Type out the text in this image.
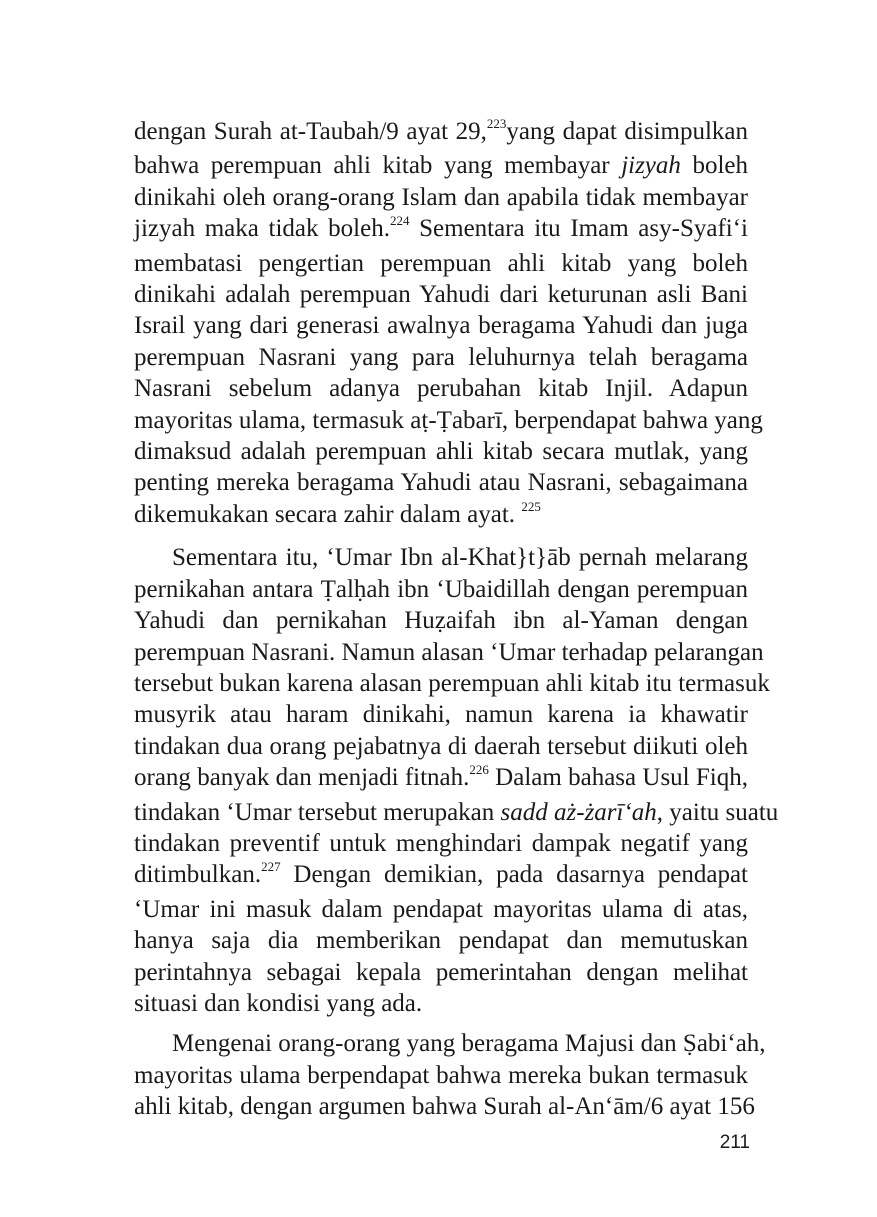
dengan Surah at-Taubah/9 ayat 29,$^{223}$yang dapat disimpulkan
bahwa perempuan ahli kitab yang membayar jizyah boleh
dinikahi oleh orang-orang Islam dan apabila tidak membayar
jizyah maka tidak boleh.$^{224}$ Sementara itu Imam asy-Syafi‘i
membatasi pengertian perempuan ahli kitab yang boleh
dinikahi adalah perempuan Yahudi dari keturunan asli Bani
Israil yang dari generasi awalnya beragama Yahudi dan juga
perempuan Nasrani yang para leluhurnya telah beragama
Nasrani sebelum adanya perubahan kitab Injil. Adapun
mayoritas ulama, termasuk aṭ-Ṭabarī, berpendapat bahwa yang
dimaksud adalah perempuan ahli kitab secara mutlak, yang
penting mereka beragama Yahudi atau Nasrani, sebagaimana
dikemukakan secara zahir dalam ayat. $^{225}$
Sementara itu, ‘Umar Ibn al-Khat}t}āb pernah melarang
pernikahan antara Ṭalḥah ibn ‘Ubaidillah dengan perempuan
Yahudi dan pernikahan Huẓaifah ibn al-Yaman dengan
perempuan Nasrani. Namun alasan ‘Umar terhadap pelarangan
tersebut bukan karena alasan perempuan ahli kitab itu termasuk
musyrik atau haram dinikahi, namun karena ia khawatir
tindakan dua orang pejabatnya di daerah tersebut diikuti oleh
orang banyak dan menjadi fitnah.$^{226}$ Dalam bahasa Usul Fiqh,
tindakan ‘Umar tersebut merupakan sadd aż-żarī‘ah, yaitu suatu
tindakan preventif untuk menghindari dampak negatif yang
ditimbulkan.$^{227}$ Dengan demikian, pada dasarnya pendapat
‘Umar ini masuk dalam pendapat mayoritas ulama di atas,
hanya saja dia memberikan pendapat dan memutuskan
perintahnya sebagai kepala pemerintahan dengan melihat
situasi dan kondisi yang ada.
Mengenai orang-orang yang beragama Majusi dan Ṣabi‘ah,
mayoritas ulama berpendapat bahwa mereka bukan termasuk
ahli kitab, dengan argumen bahwa Surah al-An‘ām/6 ayat 156
211
